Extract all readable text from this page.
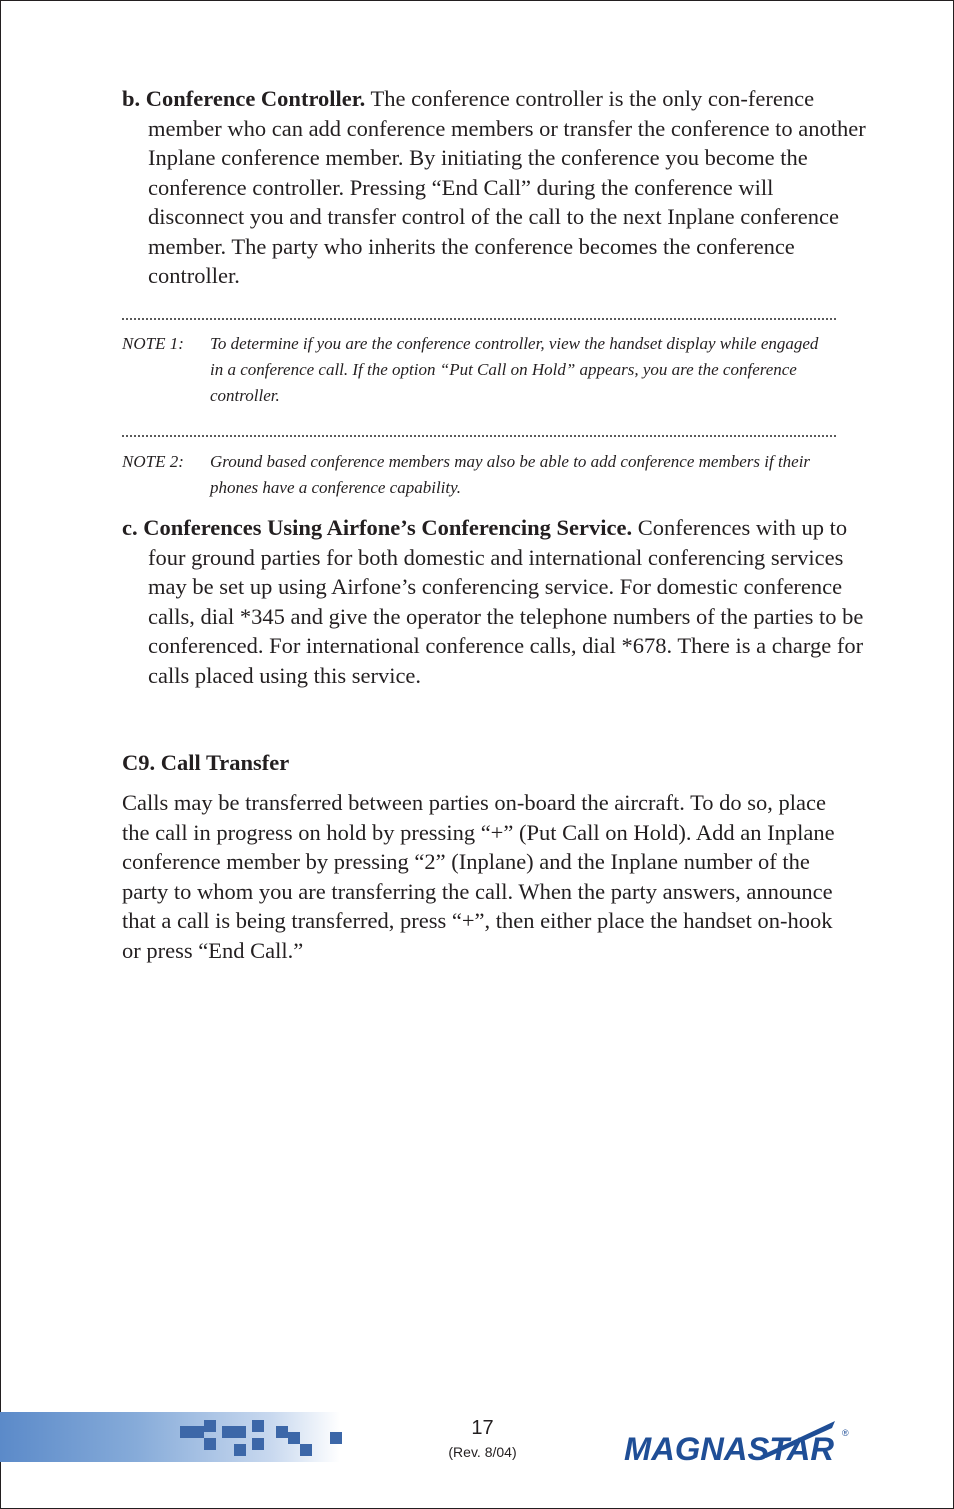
b. Conference Controller. The conference controller is the only con-ference member who can add conference members or transfer the conference to another Inplane conference member. By initiating the conference you become the conference controller. Pressing “End Call” during the conference will disconnect you and transfer control of the call to the next Inplane conference member. The party who inherits the conference becomes the conference controller.
NOTE 1: To determine if you are the conference controller, view the handset display while engaged in a conference call. If the option “Put Call on Hold” appears, you are the conference controller.
NOTE 2: Ground based conference members may also be able to add conference members if their phones have a conference capability.
c. Conferences Using Airfone’s Conferencing Service. Conferences with up to four ground parties for both domestic and international conferencing services may be set up using Airfone’s conferencing service. For domestic conference calls, dial *345 and give the operator the telephone numbers of the parties to be conferenced. For international conference calls, dial *678. There is a charge for calls placed using this service.
C9. Call Transfer
Calls may be transferred between parties on-board the aircraft. To do so, place the call in progress on hold by pressing “+” (Put Call on Hold). Add an Inplane conference member by pressing “2” (Inplane) and the Inplane number of the party to whom you are transferring the call. When the party answers, announce that a call is being transferred, press “+”, then either place the handset on-hook or press “End Call.”
17
(Rev. 8/04)	MAGNASTAR ®
